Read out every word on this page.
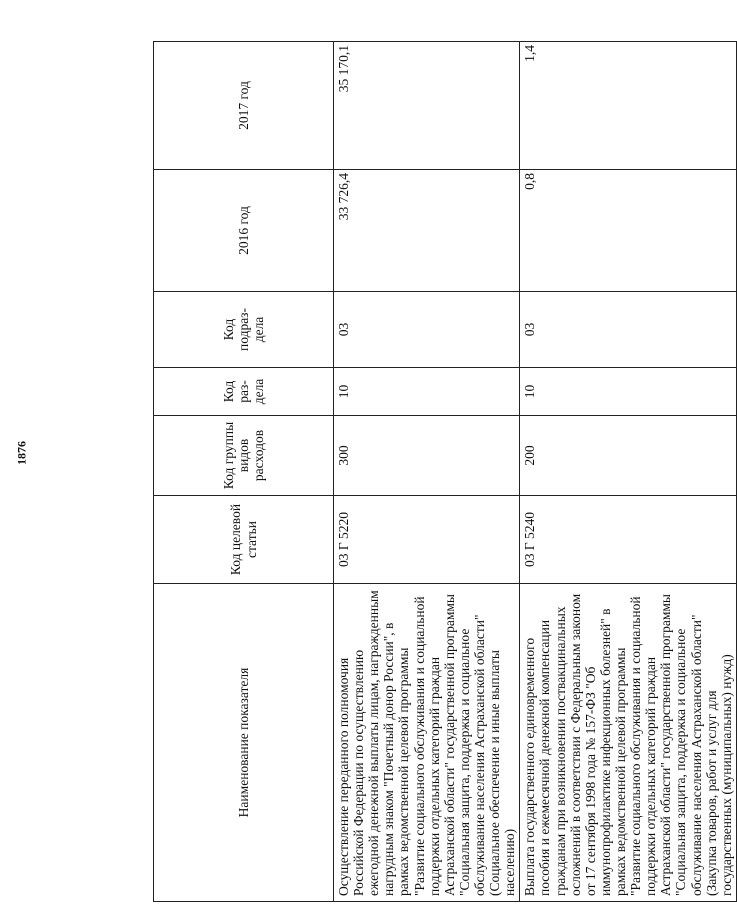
1876
Наименование показателя	Код целевой статьи	Код группы видов расходов	Код раз-дела	Код подраз-дела	2016 год	2017 год
Осуществление переданного полномочия Российской Федерации по осуществлению ежегодной денежной выплаты лицам, награжденным нагрудным знаком "Почетный донор России", в рамках ведомственной целевой программы "Развитие социального обслуживания и социальной поддержки отдельных категорий граждан Астраханской области" государственной программы "Социальная защита, поддержка и социальное обслуживание населения Астраханской области" (Социальное обеспечение и иные выплаты населению)	03 Г 5220	300	10	03	33 726,4	35 170,1
Выплата государственного единовременного пособия и ежемесячной денежной компенсации гражданам при возникновении поствакцинальных осложнений в соответствии с Федеральным законом от 17 сентября 1998 года № 157-ФЗ "Об иммунопрофилактике инфекционных болезней" в рамках ведомственной целевой программы "Развитие социального обслуживания и социальной поддержки отдельных категорий граждан Астраханской области" государственной программы "Социальная защита, поддержка и социальное обслуживание населения Астраханской области" (Закупка товаров, работ и услуг для государственных (муниципальных) нужд)	03 Г 5240	200	10	03	0,8	1,4
